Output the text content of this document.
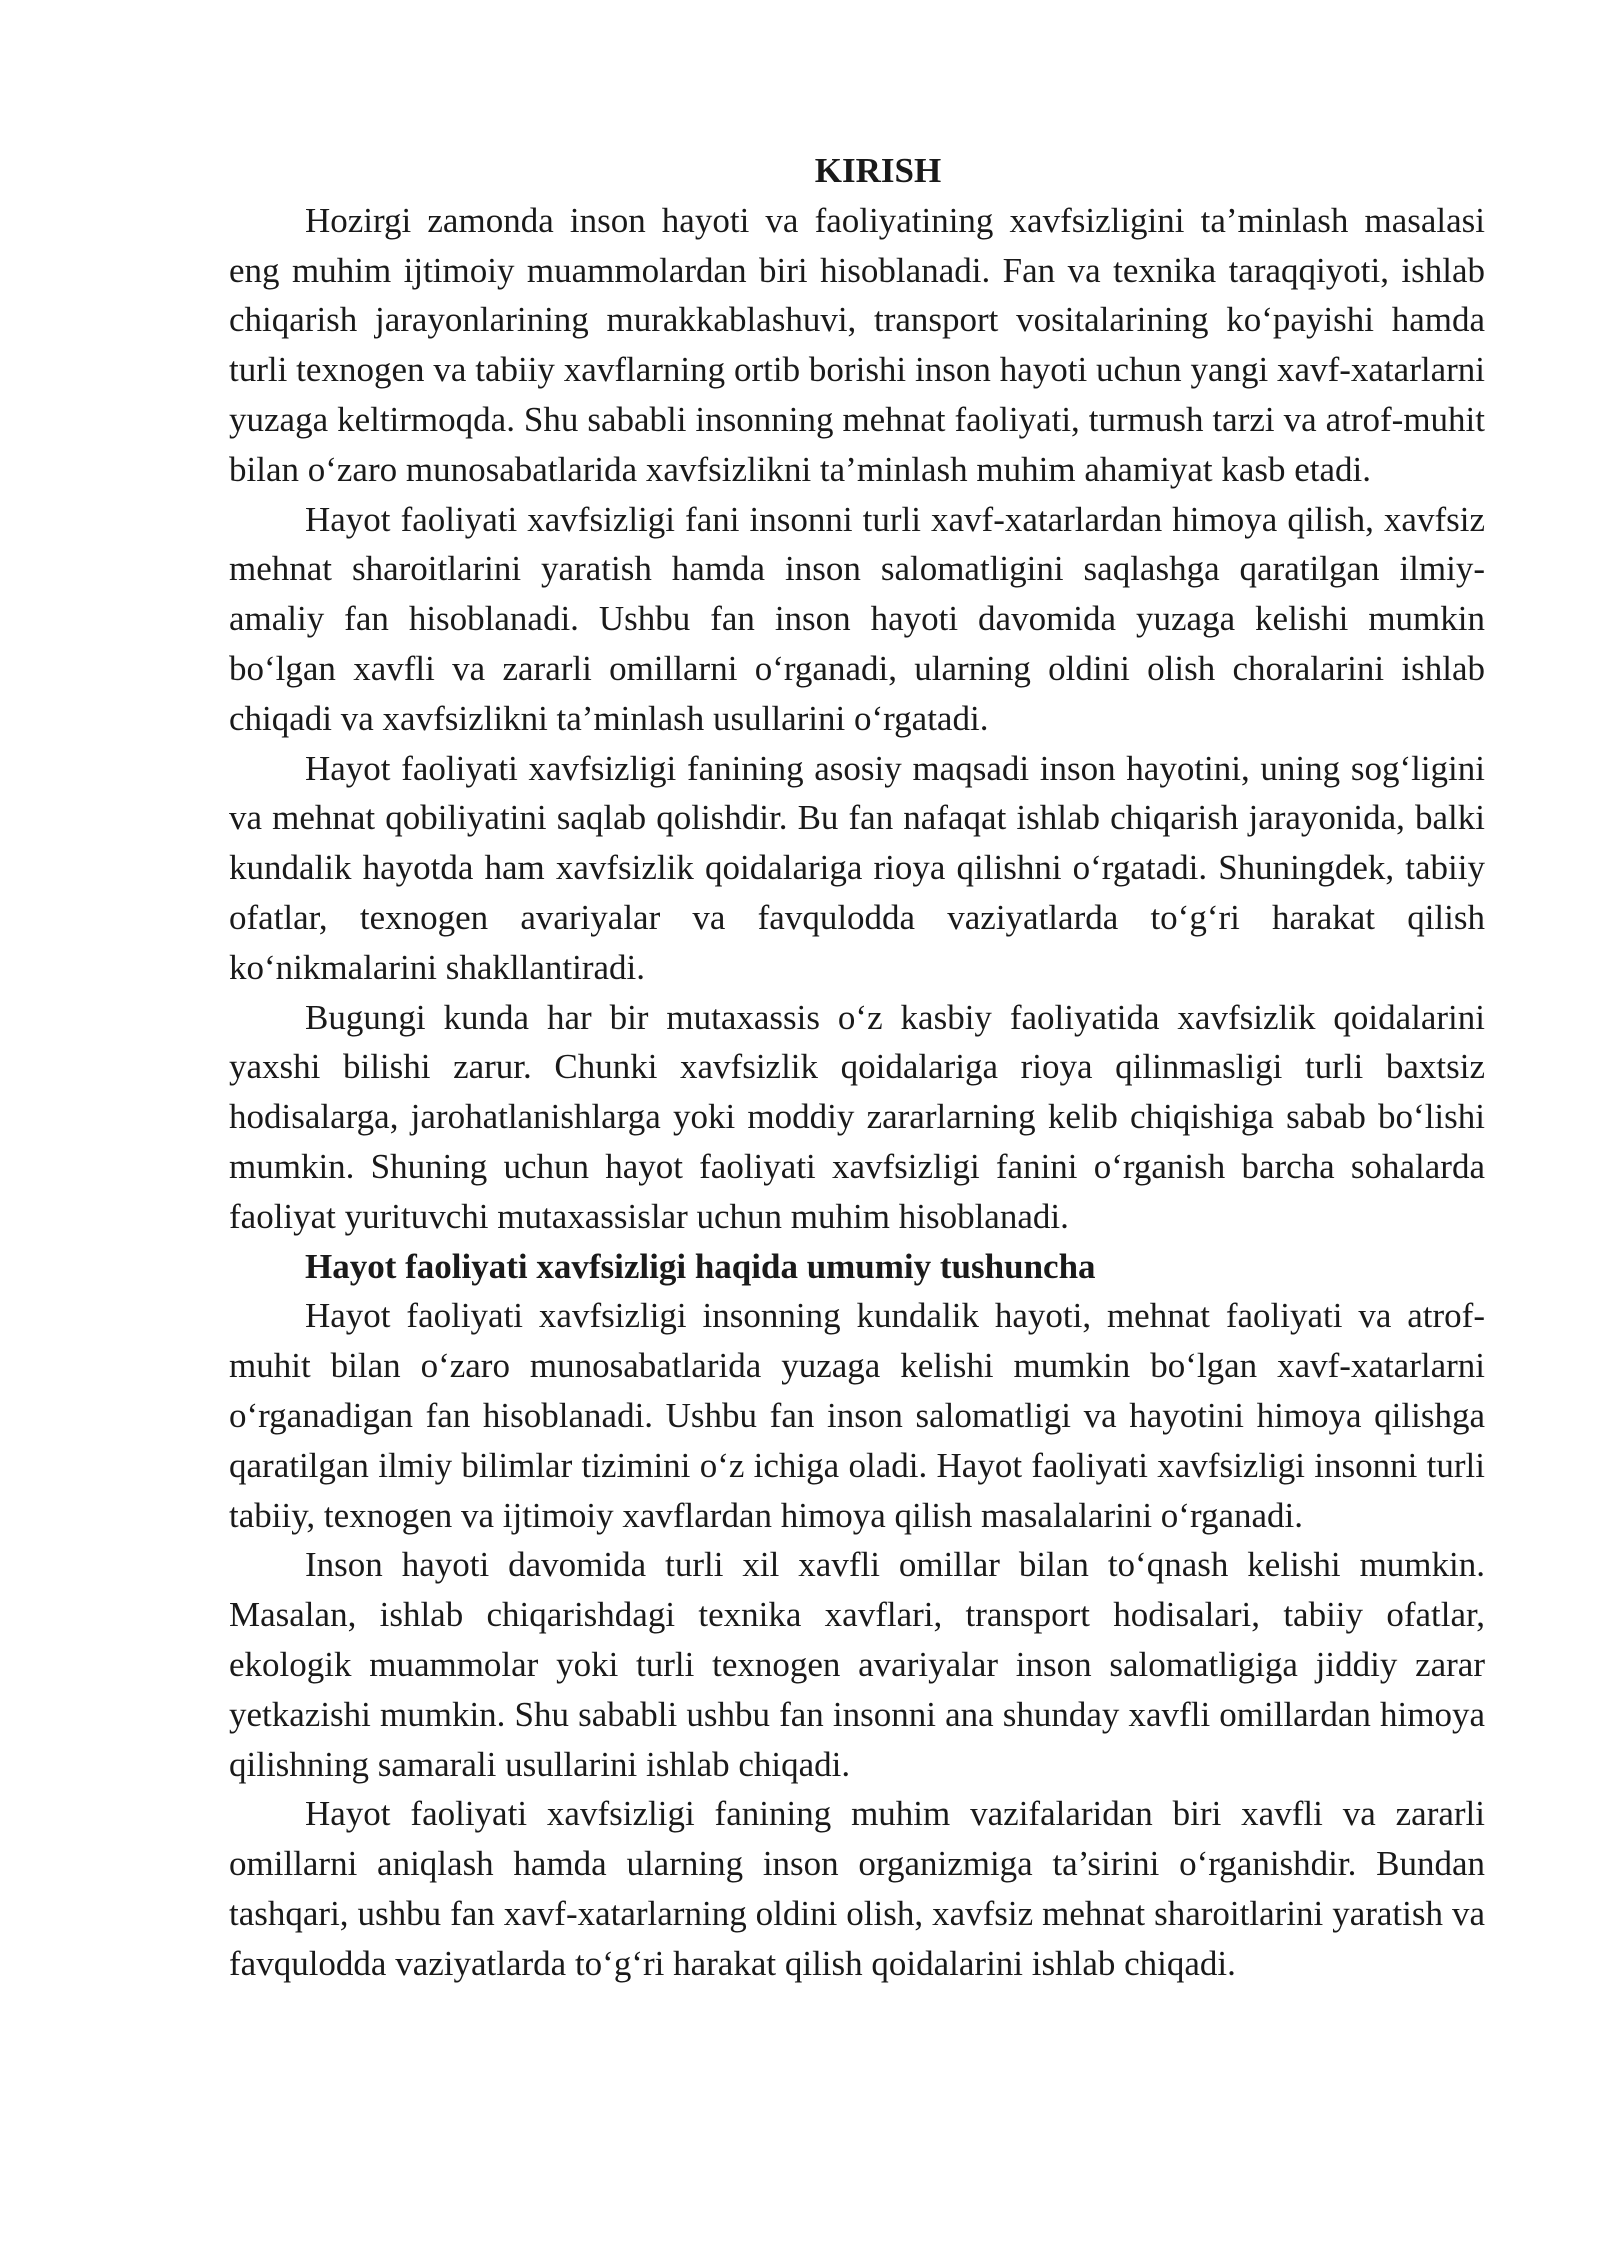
KIRISH

Hozirgi zamonda inson hayoti va faoliyatining xavfsizligini ta’minlash masalasi eng muhim ijtimoiy muammolardan biri hisoblanadi. Fan va texnika taraqqiyoti, ishlab chiqarish jarayonlarining murakkablashuvi, transport vositalarining ko‘payishi hamda turli texnogen va tabiiy xavflarning ortib borishi inson hayoti uchun yangi xavf-xatarlarni yuzaga keltirmoqda. Shu sababli insonning mehnat faoliyati, turmush tarzi va atrof-muhit bilan o‘zaro munosabatlarida xavfsizlikni ta’minlash muhim ahamiyat kasb etadi.

Hayot faoliyati xavfsizligi fani insonni turli xavf-xatarlardan himoya qilish, xavfsiz mehnat sharoitlarini yaratish hamda inson salomatligini saqlashga qaratilgan ilmiy-amaliy fan hisoblanadi. Ushbu fan inson hayoti davomida yuzaga kelishi mumkin bo‘lgan xavfli va zararli omillarni o‘rganadi, ularning oldini olish choralarini ishlab chiqadi va xavfsizlikni ta’minlash usullarini o‘rgatadi.

Hayot faoliyati xavfsizligi fanining asosiy maqsadi inson hayotini, uning sog‘ligini va mehnat qobiliyatini saqlab qolishdir. Bu fan nafaqat ishlab chiqarish jarayonida, balki kundalik hayotda ham xavfsizlik qoidalariga rioya qilishni o‘rgatadi. Shuningdek, tabiiy ofatlar, texnogen avariyalar va favqulodda vaziyatlarda to‘g‘ri harakat qilish ko‘nikmalarini shakllantiradi.

Bugungi kunda har bir mutaxassis o‘z kasbiy faoliyatida xavfsizlik qoidalarini yaxshi bilishi zarur. Chunki xavfsizlik qoidalariga rioya qilinmasligi turli baxtsiz hodisalarga, jarohatlanishlarga yoki moddiy zararlarning kelib chiqishiga sabab bo‘lishi mumkin. Shuning uchun hayot faoliyati xavfsizligi fanini o‘rganish barcha sohalarda faoliyat yurituvchi mutaxassislar uchun muhim hisoblanadi.

Hayot faoliyati xavfsizligi haqida umumiy tushuncha

Hayot faoliyati xavfsizligi insonning kundalik hayoti, mehnat faoliyati va atrof-muhit bilan o‘zaro munosabatlarida yuzaga kelishi mumkin bo‘lgan xavf-xatarlarni o‘rganadigan fan hisoblanadi. Ushbu fan inson salomatligi va hayotini himoya qilishga qaratilgan ilmiy bilimlar tizimini o‘z ichiga oladi. Hayot faoliyati xavfsizligi insonni turli tabiiy, texnogen va ijtimoiy xavflardan himoya qilish masalalarini o‘rganadi.

Inson hayoti davomida turli xil xavfli omillar bilan to‘qnash kelishi mumkin. Masalan, ishlab chiqarishdagi texnika xavflari, transport hodisalari, tabiiy ofatlar, ekologik muammolar yoki turli texnogen avariyalar inson salomatligiga jiddiy zarar yetkazishi mumkin. Shu sababli ushbu fan insonni ana shunday xavfli omillardan himoya qilishning samarali usullarini ishlab chiqadi.

Hayot faoliyati xavfsizligi fanining muhim vazifalaridan biri xavfli va zararli omillarni aniqlash hamda ularning inson organizmiga ta’sirini o‘rganishdir. Bundan tashqari, ushbu fan xavf-xatarlarning oldini olish, xavfsiz mehnat sharoitlarini yaratish va favqulodda vaziyatlarda to‘g‘ri harakat qilish qoidalarini ishlab chiqadi.
